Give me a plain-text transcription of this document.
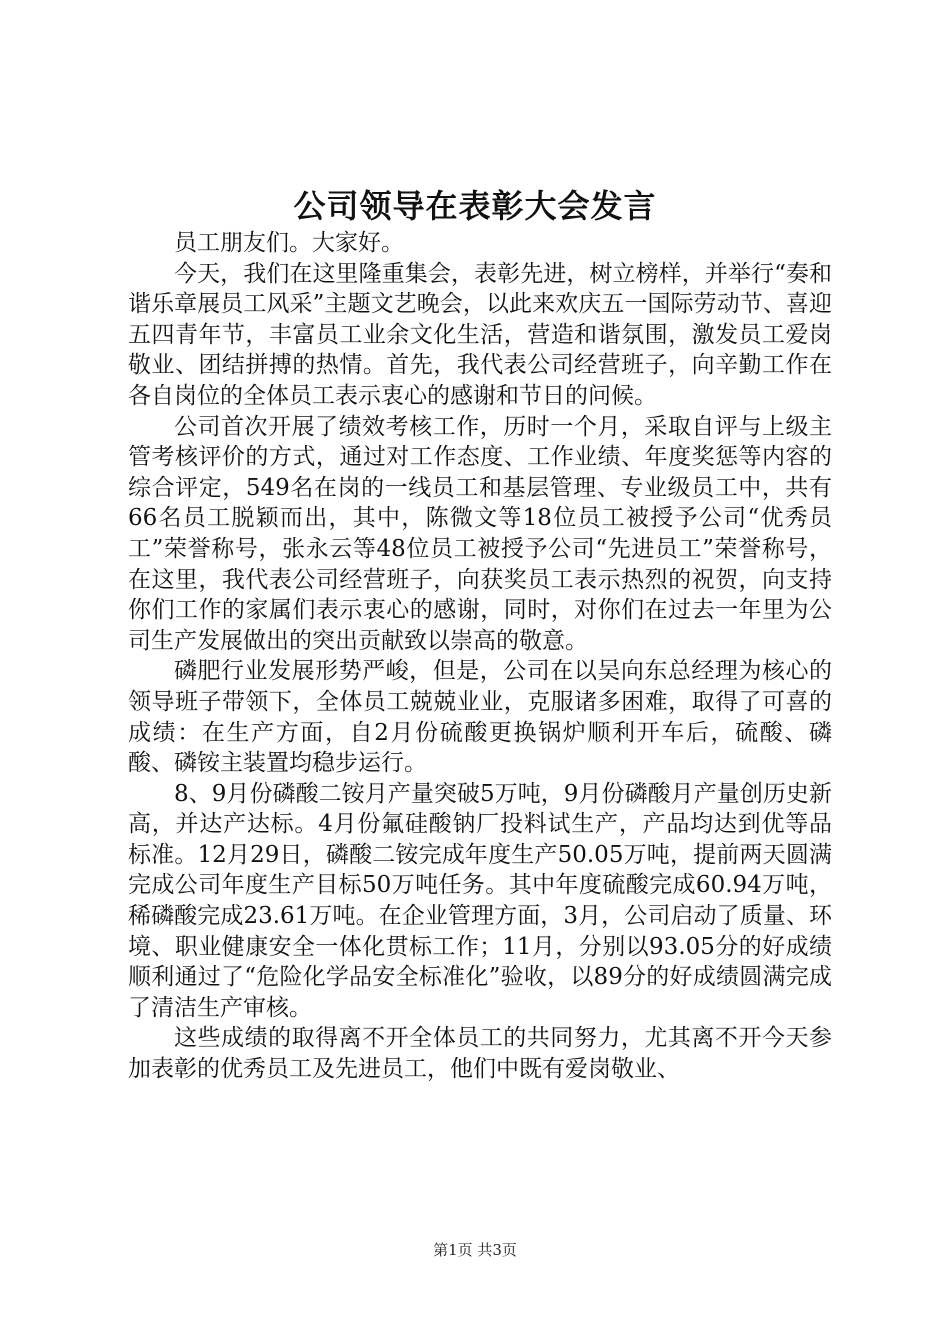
公司领导在表彰大会发言

员工朋友们。大家好。

今天，我们在这里隆重集会，表彰先进，树立榜样，并举行“奏和谐乐章展员工风采”主题文艺晚会，以此来欢庆五一国际劳动节、喜迎五四青年节，丰富员工业余文化生活，营造和谐氛围，激发员工爱岗敬业、团结拼搏的热情。首先，我代表公司经营班子，向辛勤工作在各自岗位的全体员工表示衷心的感谢和节日的问候。

公司首次开展了绩效考核工作，历时一个月，采取自评与上级主管考核评价的方式，通过对工作态度、工作业绩、年度奖惩等内容的综合评定，549名在岗的一线员工和基层管理、专业级员工中，共有66名员工脱颖而出，其中，陈微文等18位员工被授予公司“优秀员工”荣誉称号，张永云等48位员工被授予公司“先进员工”荣誉称号，在这里，我代表公司经营班子，向获奖员工表示热烈的祝贺，向支持你们工作的家属们表示衷心的感谢，同时，对你们在过去一年里为公司生产发展做出的突出贡献致以崇高的敬意。

磷肥行业发展形势严峻，但是，公司在以吴向东总经理为核心的领导班子带领下，全体员工兢兢业业，克服诸多困难，取得了可喜的成绩：在生产方面，自2月份硫酸更换锅炉顺利开车后，硫酸、磷酸、磷铵主装置均稳步运行。

8、9月份磷酸二铵月产量突破5万吨，9月份磷酸月产量创历史新高，并达产达标。4月份氟硅酸钠厂投料试生产，产品均达到优等品标准。12月29日，磷酸二铵完成年度生产50.05万吨，提前两天圆满完成公司年度生产目标50万吨任务。其中年度硫酸完成60.94万吨，稀磷酸完成23.61万吨。在企业管理方面，3月，公司启动了质量、环境、职业健康安全一体化贯标工作；11月，分别以93.05分的好成绩顺利通过了“危险化学品安全标准化”验收，以89分的好成绩圆满完成了清洁生产审核。

这些成绩的取得离不开全体员工的共同努力，尤其离不开今天参加表彰的优秀员工及先进员工，他们中既有爱岗敬业、

第1页 共3页
